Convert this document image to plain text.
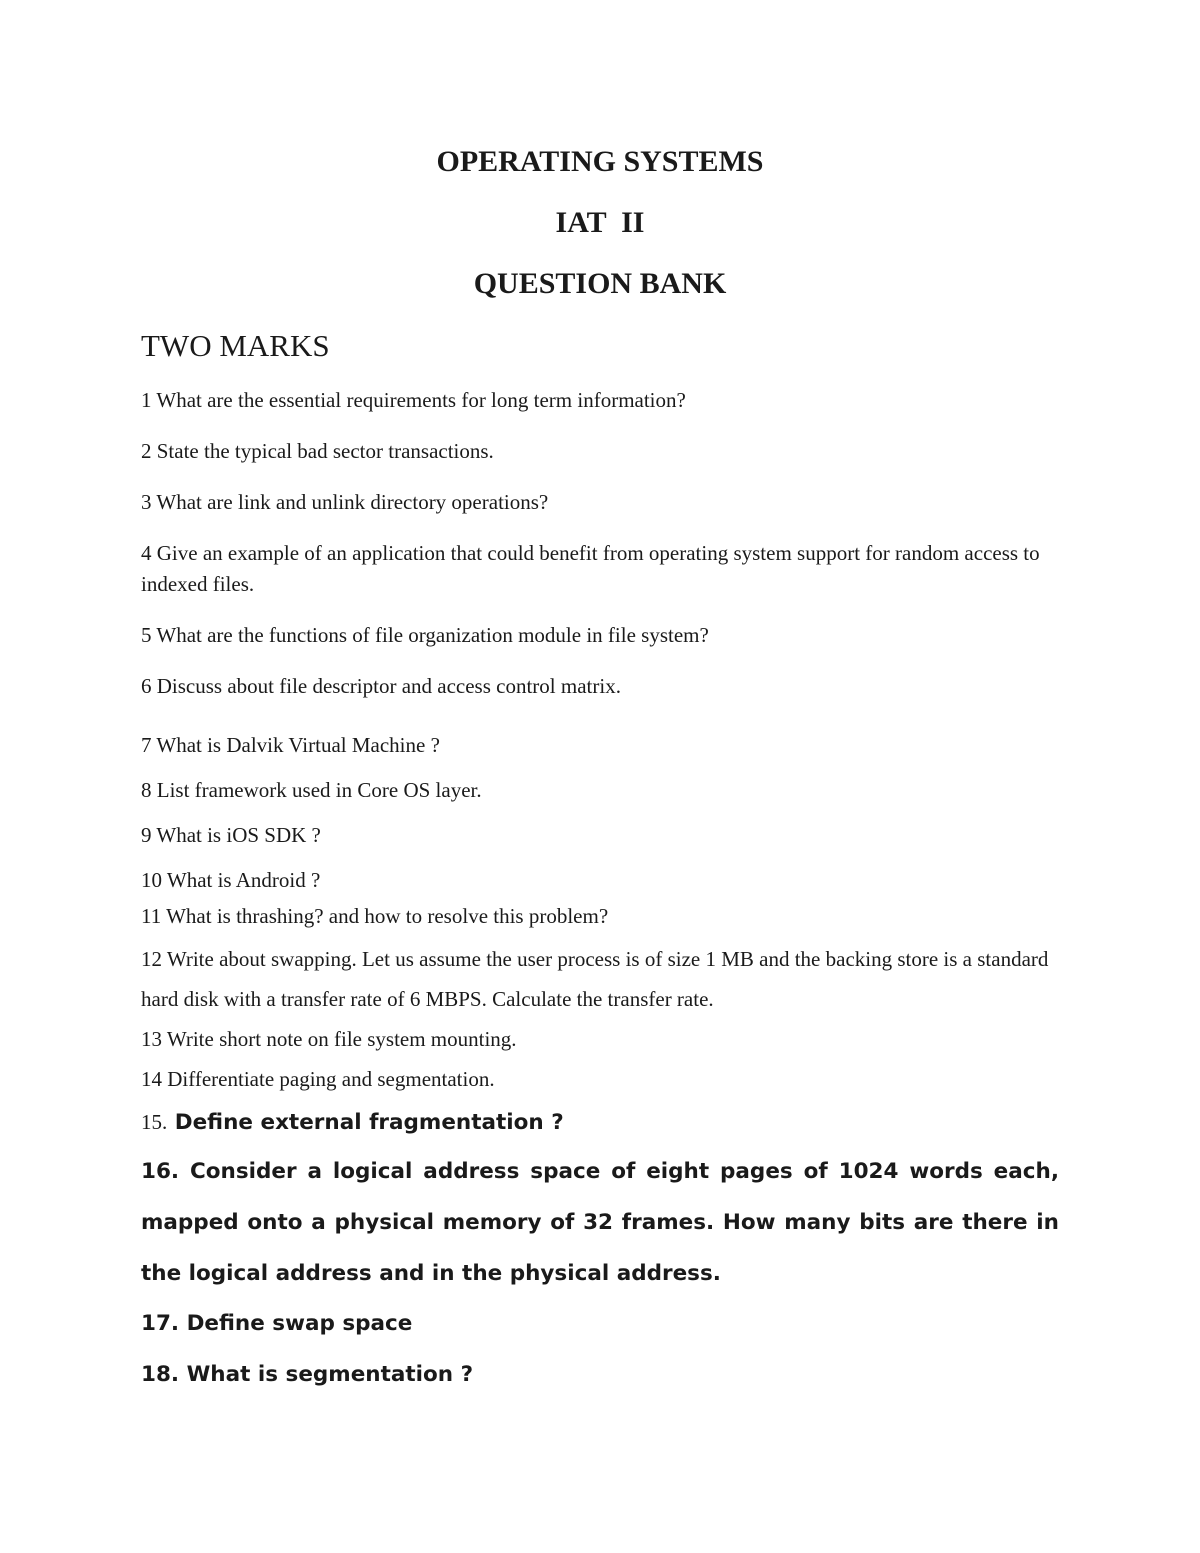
OPERATING SYSTEMS
IAT  II
QUESTION BANK
TWO MARKS
1 What are the essential requirements for long term information?
2 State the typical bad sector transactions.
3 What are link and unlink directory operations?
4 Give an example of an application that could benefit from operating system support for random access to indexed files.
5 What are the functions of file organization module in file system?
6 Discuss about file descriptor and access control matrix.
7 What is Dalvik Virtual Machine ?
8 List framework used in Core OS layer.
9 What is iOS SDK ?
10 What is Android ?
11 What is thrashing? and how to resolve this problem?
12 Write about swapping. Let us assume the user process is of size 1 MB and the backing store is a standard hard disk with a transfer rate of 6 MBPS. Calculate the transfer rate.
13 Write short note on file system mounting.
14 Differentiate paging and segmentation.
15. Define external fragmentation ?
16. Consider a logical address space of eight pages of 1024 words each, mapped onto a physical memory of 32 frames. How many bits are there in the logical address and in the physical address.
17. Define swap space
18. What is segmentation ?
